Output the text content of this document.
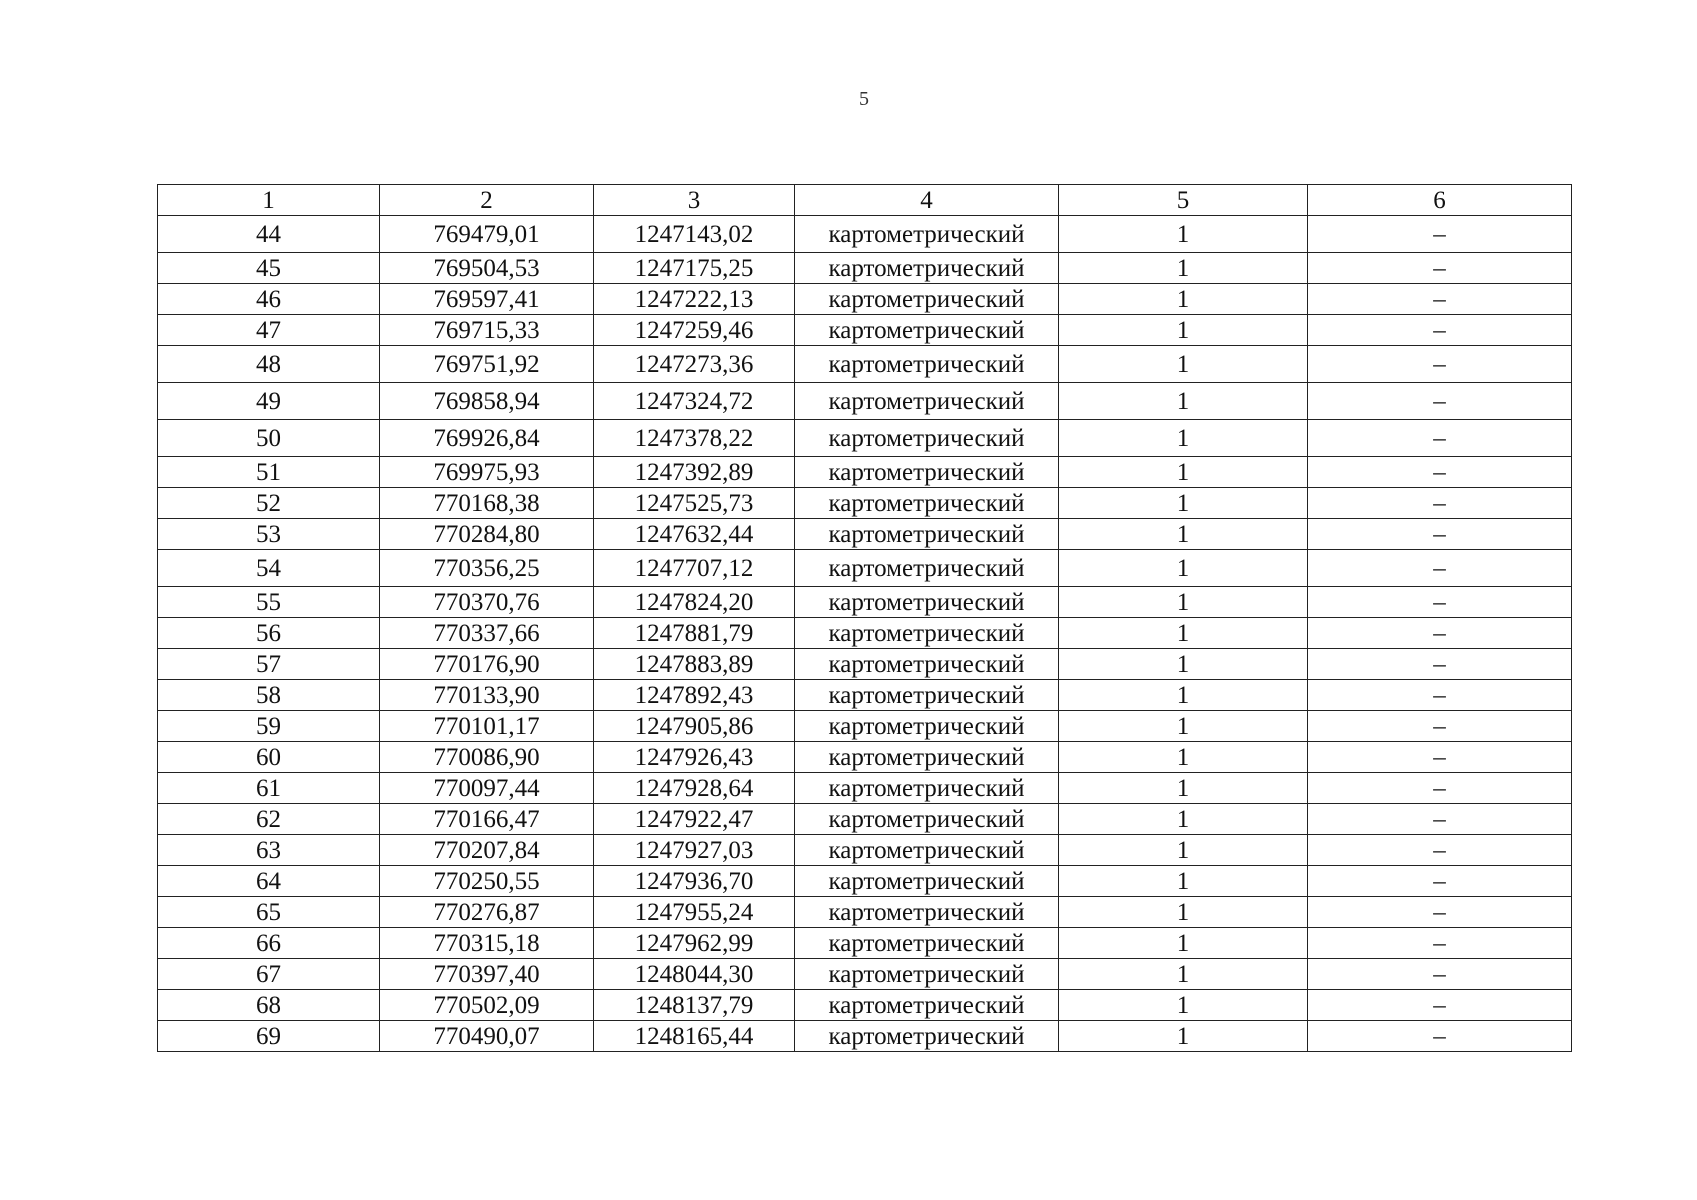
5
1	2	3	4	5	6
44	769479,01	1247143,02	картометрический	1	–
45	769504,53	1247175,25	картометрический	1	–
46	769597,41	1247222,13	картометрический	1	–
47	769715,33	1247259,46	картометрический	1	–
48	769751,92	1247273,36	картометрический	1	–
49	769858,94	1247324,72	картометрический	1	–
50	769926,84	1247378,22	картометрический	1	–
51	769975,93	1247392,89	картометрический	1	–
52	770168,38	1247525,73	картометрический	1	–
53	770284,80	1247632,44	картометрический	1	–
54	770356,25	1247707,12	картометрический	1	–
55	770370,76	1247824,20	картометрический	1	–
56	770337,66	1247881,79	картометрический	1	–
57	770176,90	1247883,89	картометрический	1	–
58	770133,90	1247892,43	картометрический	1	–
59	770101,17	1247905,86	картометрический	1	–
60	770086,90	1247926,43	картометрический	1	–
61	770097,44	1247928,64	картометрический	1	–
62	770166,47	1247922,47	картометрический	1	–
63	770207,84	1247927,03	картометрический	1	–
64	770250,55	1247936,70	картометрический	1	–
65	770276,87	1247955,24	картометрический	1	–
66	770315,18	1247962,99	картометрический	1	–
67	770397,40	1248044,30	картометрический	1	–
68	770502,09	1248137,79	картометрический	1	–
69	770490,07	1248165,44	картометрический	1	–
